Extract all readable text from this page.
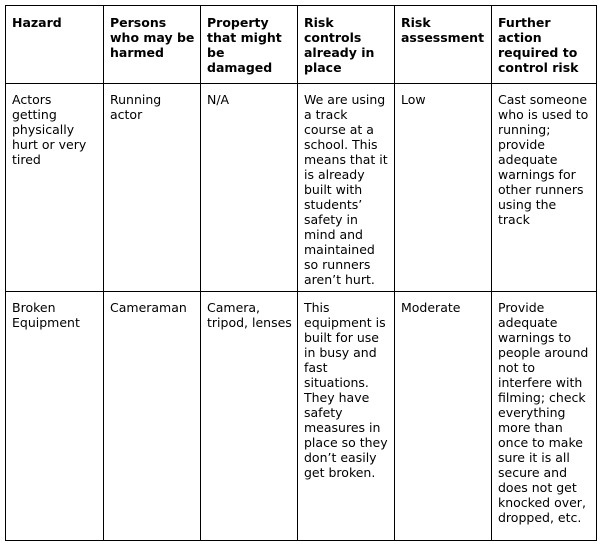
Hazard	Persons who may be harmed	Property that might be damaged	Risk controls already in place	Risk assessment	Further action required to control risk
Actors getting physically hurt or very tired	Running actor	N/A	We are using a track course at a school. This means that it is already built with students’ safety in mind and maintained so runners aren’t hurt.	Low	Cast someone who is used to running; provide adequate warnings for other runners using the track
Broken Equipment	Cameraman	Camera, tripod, lenses	This equipment is built for use in busy and fast situations. They have safety measures in place so they don’t easily get broken.	Moderate	Provide adequate warnings to people around not to interfere with filming; check everything more than once to make sure it is all secure and does not get knocked over, dropped, etc.
